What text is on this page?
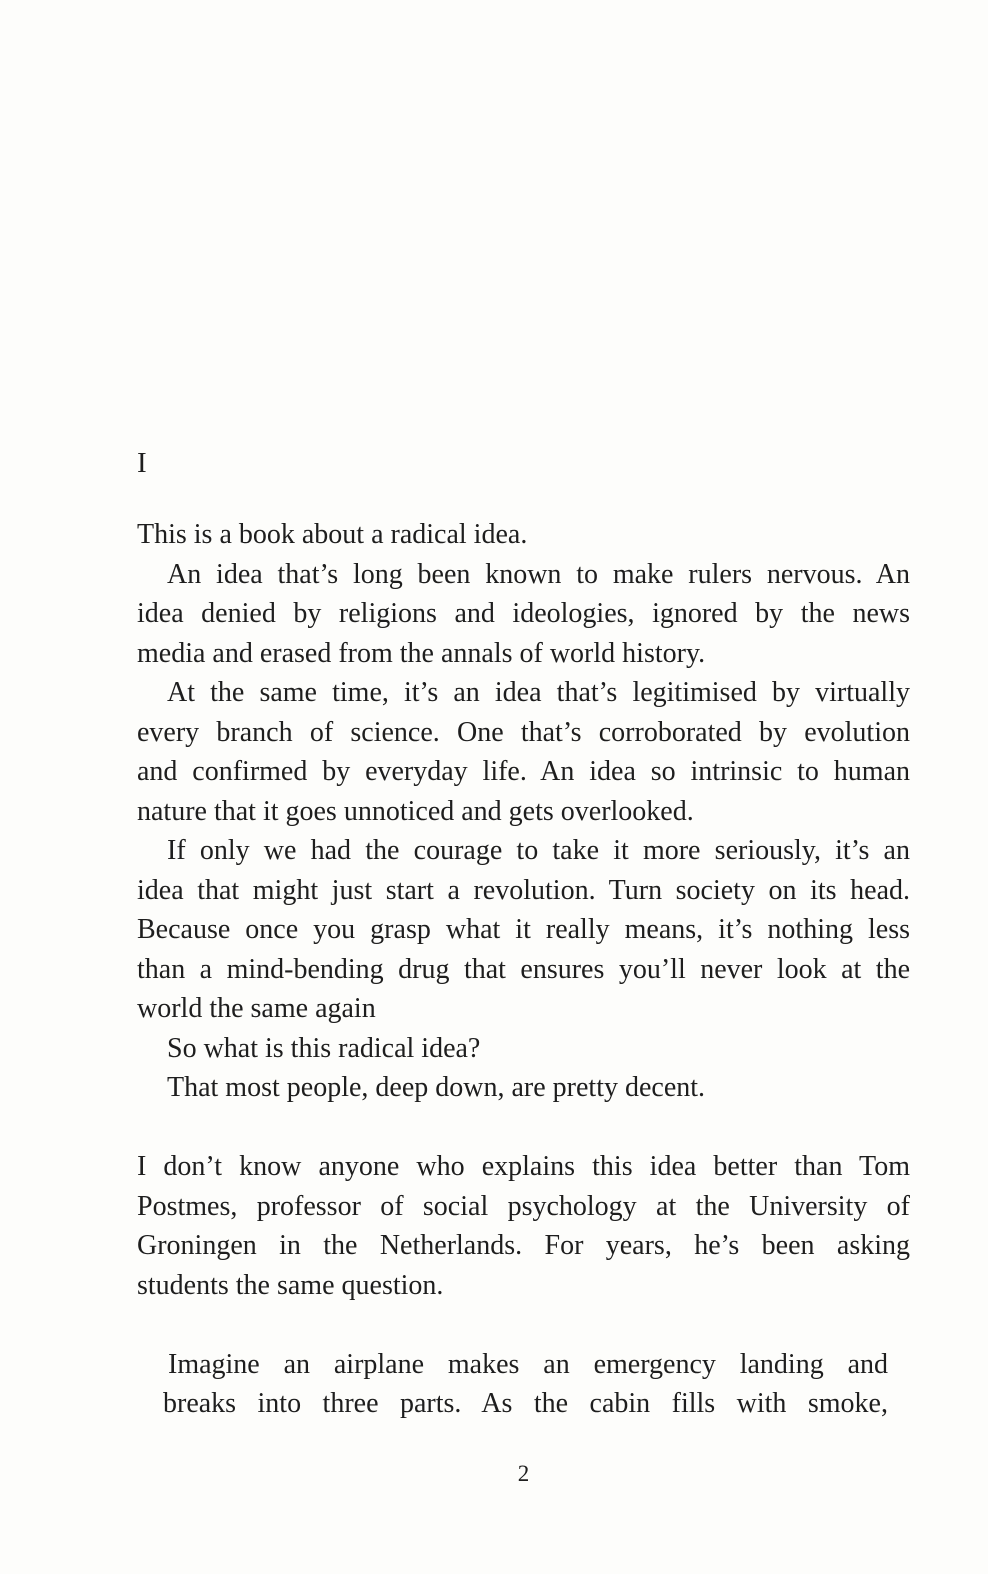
I
This is a book about a radical idea.
An idea that’s long been known to make rulers nervous. An
idea denied by religions and ideologies, ignored by the news
media and erased from the annals of world history.
At the same time, it’s an idea that’s legitimised by virtually
every branch of science. One that’s corroborated by evolution
and confirmed by everyday life. An idea so intrinsic to human
nature that it goes unnoticed and gets overlooked.
If only we had the courage to take it more seriously, it’s an
idea that might just start a revolution. Turn society on its head.
Because once you grasp what it really means, it’s nothing less
than a mind-bending drug that ensures you’ll never look at the
world the same again
So what is this radical idea?
That most people, deep down, are pretty decent.
I don’t know anyone who explains this idea better than Tom
Postmes, professor of social psychology at the University of
Groningen in the Netherlands. For years, he’s been asking
students the same question.
Imagine an airplane makes an emergency landing and
breaks into three parts. As the cabin fills with smoke,
2
